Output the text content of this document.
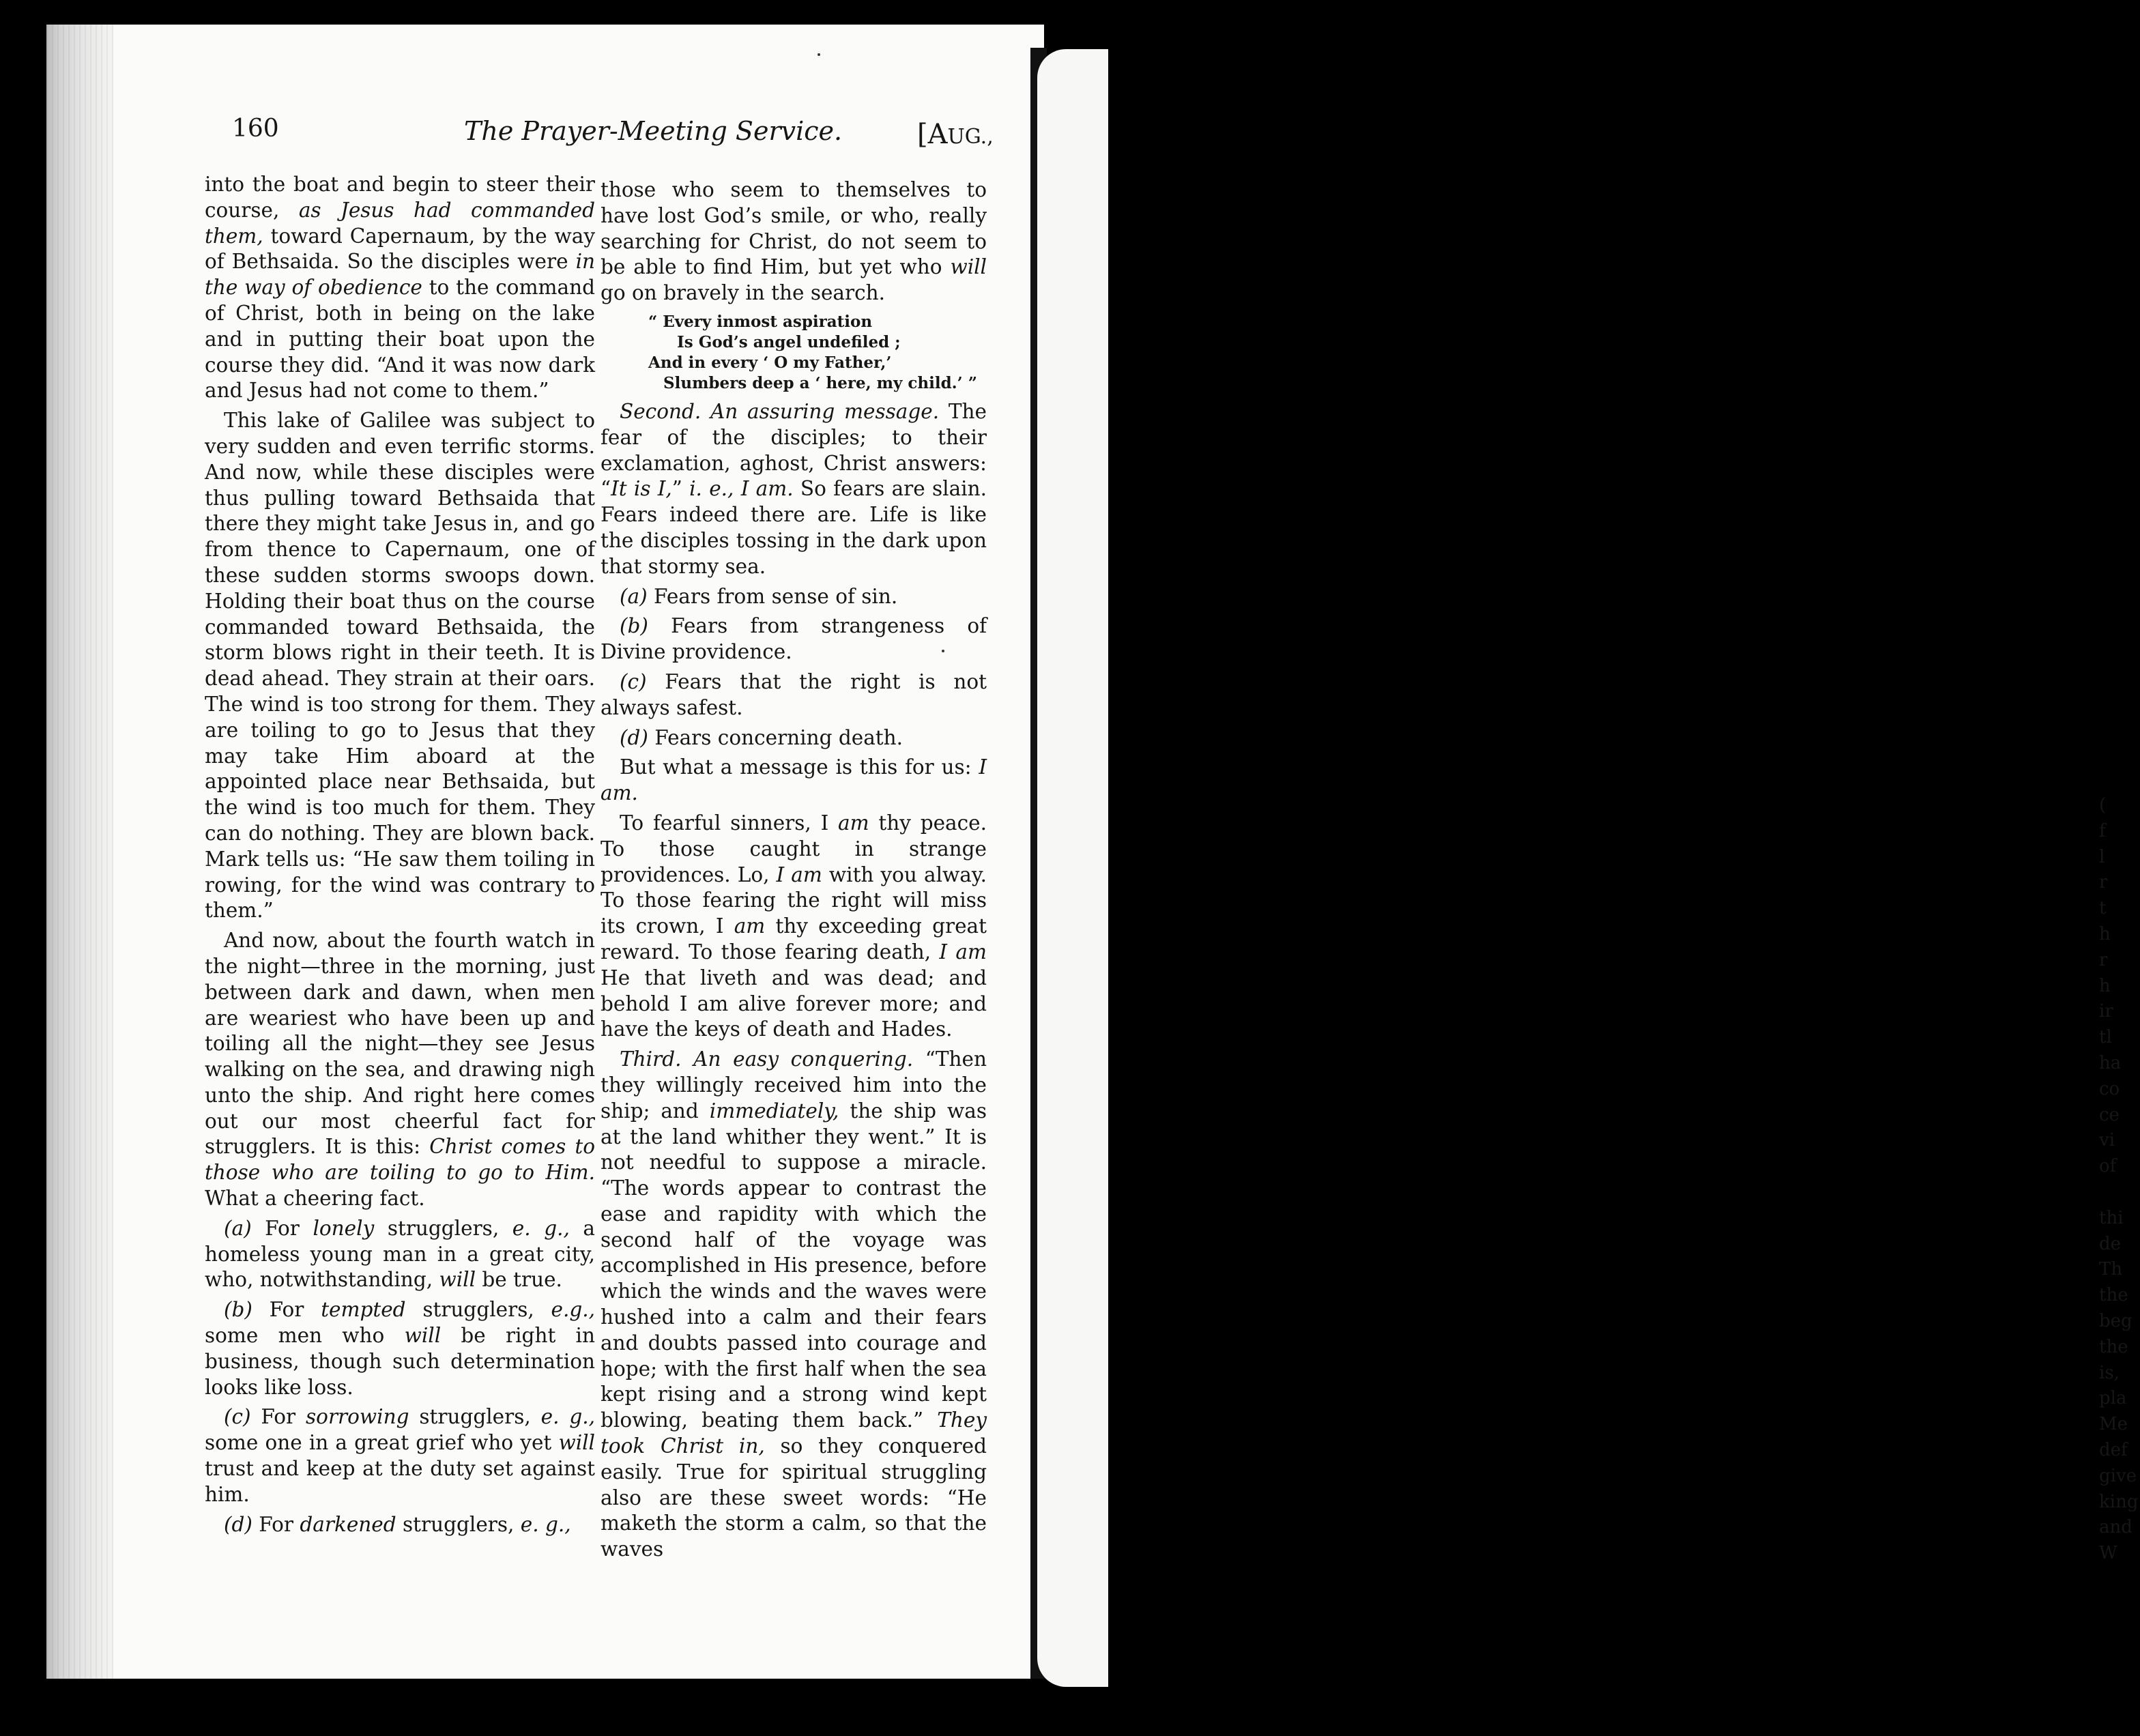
(
f
l
r
t
h
r
h
ir
tl
ha
co
ce
vi
of

thi
de
Th
the
beg
the
is,
pla
Me
def
give
king
and
W
160	The Prayer-Meeting Service.	[AUG.,

into the boat and begin to steer their course, as Jesus had commanded them, toward Capernaum, by the way of Bethsaida. So the disciples were in the way of obedience to the command of Christ, both in being on the lake and in putting their boat upon the course they did. “And it was now dark and Jesus had not come to them.”

This lake of Galilee was subject to very sudden and even terrific storms. And now, while these disciples were thus pulling toward Bethsaida that there they might take Jesus in, and go from thence to Capernaum, one of these sudden storms swoops down. Holding their boat thus on the course commanded toward Bethsaida, the storm blows right in their teeth. It is dead ahead. They strain at their oars. The wind is too strong for them. They are toiling to go to Jesus that they may take Him aboard at the appointed place near Bethsaida, but the wind is too much for them. They can do nothing. They are blown back. Mark tells us: “He saw them toiling in rowing, for the wind was contrary to them.”

And now, about the fourth watch in the night—three in the morning, just between dark and dawn, when men are weariest who have been up and toiling all the night—they see Jesus walking on the sea, and drawing nigh unto the ship. And right here comes out our most cheerful fact for strugglers. It is this: Christ comes to those who are toiling to go to Him. What a cheering fact.

(a) For lonely strugglers, e. g., a homeless young man in a great city, who, notwithstanding, will be true.

(b) For tempted strugglers, e.g., some men who will be right in business, though such determination looks like loss.

(c) For sorrowing strugglers, e. g., some one in a great grief who yet will trust and keep at the duty set against him.

(d) For darkened strugglers, e. g.,

those who seem to themselves to have lost God’s smile, or who, really searching for Christ, do not seem to be able to find Him, but yet who will go on bravely in the search.

“ Every inmost aspiration
Is God’s angel undefiled ;
And in every ‘ O my Father,’
Slumbers deep a ‘ here, my child.’ ”

Second. An assuring message. The fear of the disciples; to their exclamation, aghost, Christ answers: “It is I,” i. e., I am. So fears are slain. Fears indeed there are. Life is like the disciples tossing in the dark upon that stormy sea.

(a) Fears from sense of sin.

(b) Fears from strangeness of Divine providence.

(c) Fears that the right is not always safest.

(d) Fears concerning death.

But what a message is this for us: I am.

To fearful sinners, I am thy peace. To those caught in strange providences. Lo, I am with you alway. To those fearing the right will miss its crown, I am thy exceeding great reward. To those fearing death, I am He that liveth and was dead; and behold I am alive forever more; and have the keys of death and Hades.

Third. An easy conquering. “Then they willingly received him into the ship; and immediately, the ship was at the land whither they went.” It is not needful to suppose a miracle. “The words appear to contrast the ease and rapidity with which the second half of the voyage was accomplished in His presence, before which the winds and the waves were hushed into a calm and their fears and doubts passed into courage and hope; with the first half when the sea kept rising and a strong wind kept blowing, beating them back.” They took Christ in, so they conquered easily. True for spiritual struggling also are these sweet words: “He maketh the storm a calm, so that the waves
